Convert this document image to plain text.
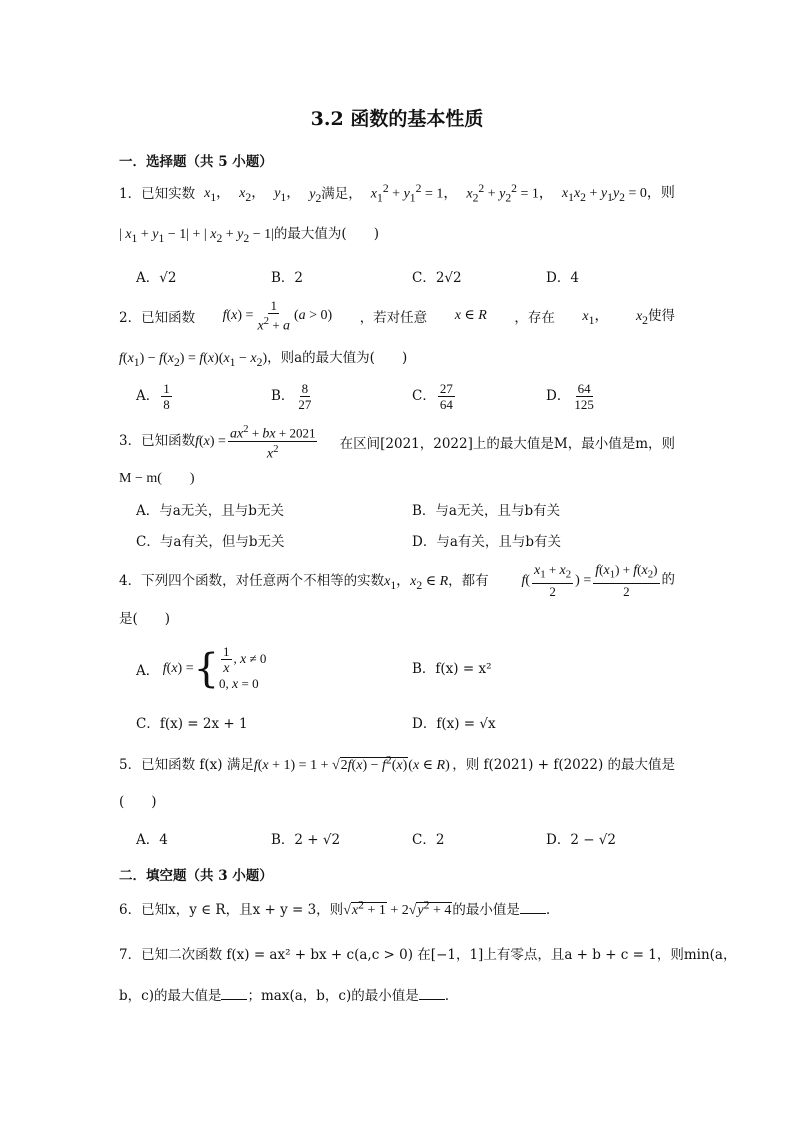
3.2 函数的基本性质
一．选择题（共 5 小题）
1．已知实数 $x_1$， $x_2$， $y_1$， $y_2$满足， $x_1^2 + y_1^2 = 1$， $x_2^2 + y_2^2 = 1$， $x_1x_2 + y_1y_2 = 0$，则
| $x_1 + y_1 - 1|$ + | $x_2 + y_2 - 1|$的最大值为(　　)
A．√2	B．2	C．2√2	D．4
2．已知函数 $f(x) = \frac{1}{x^2 + a} (a > 0)$ ，若对任意 x ∈ R ，存在 $x_1$， $x_2$使得
$f(x_1) - f(x_2) = f(x)(x_1 - x_2)$，则a的最大值为(　　)
A． $\frac{1}{8}$	B． $\frac{8}{27}$	C． $\frac{27}{64}$	D． $\frac{64}{125}$
3．已知函数$f(x) = \frac{ax^2 + bx + 2021}{x^2}$ 在区间[2021，2022]上的最大值是M，最小值是m，则
M − m(　　)
A．与a无关，且与b无关	B．与a无关，且与b有关
C．与a有关，但与b无关	D．与a有关，且与b有关
4．下列四个函数，对任意两个不相等的实数$x_1$，$x_2$ ∈ R，都有 $f( \frac{x_1 + x_2}{2}$ ) = $\frac{f(x_1) + f(x_2)}{2}$ 的
是(　　)
A． f(x) = { $\frac{1}{x}$ , x ≠ 0
0, x = 0
B．f(x) = x²
C．f(x) = 2x + 1	D．f(x) = √x
5．已知函数 f(x) 满足$f(x + 1) = 1 + √2f(x) - f^2(x)(x$ ∈ R) ，则 f(2021) + f(2022) 的最大值是
(　　)
A．4	B．2 + √2	C．2	D．2 − √2
二．填空题（共 3 小题）
6．已知x，y ∈ R，且x + y = 3，则$√x^2 + 1 + 2√y^2 + 4$的最小值是 .
7．已知二次函数 f(x) = ax² + bx + c(a,c > 0) 在[−1，1]上有零点，且a + b + c = 1，则min(a，
b，c)的最大值是 ；max(a，b，c)的最小值是 .
